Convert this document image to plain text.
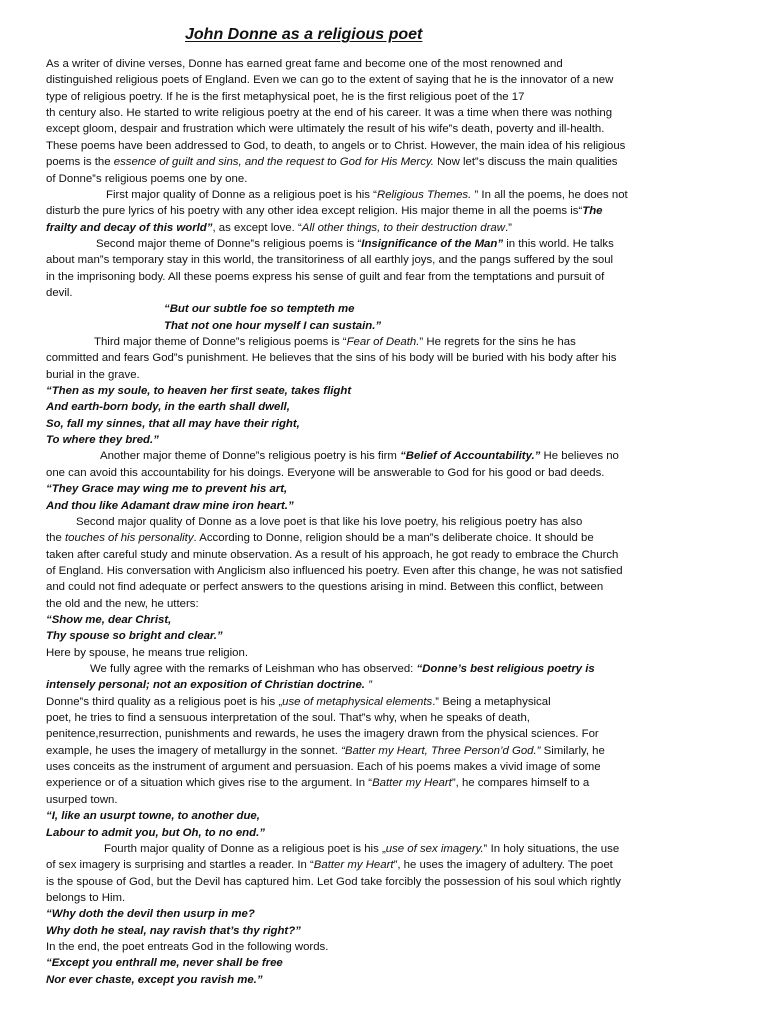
John Donne as a religious poet
As a writer of divine verses, Donne has earned great fame and become one of the most renowned and
distinguished religious poets of England. Even we can go to the extent of saying that he is the innovator of a new
type of religious poetry. If he is the first metaphysical poet, he is the first religious poet of the 17
th century also. He started to write religious poetry at the end of his career. It was a time when there was nothing
except gloom, despair and frustration which were ultimately the result of his wife‟s death, poverty and ill-health.
These poems have been addressed to God, to death, to angels or to Christ. However, the main idea of his religious
poems is the essence of guilt and sins, and the request to God for His Mercy. Now let‟s discuss the main qualities
of Donne‟s religious poems one by one.
First major quality of Donne as a religious poet is his “Religious Themes. ” In all the poems, he does not
disturb the pure lyrics of his poetry with any other idea except religion. His major theme in all the poems is“The
frailty and decay of this world”, as except love. “All other things, to their destruction draw.”
Second major theme of Donne‟s religious poems is “Insignificance of the Man” in this world. He talks
about man‟s temporary stay in this world, the transitoriness of all earthly joys, and the pangs suffered by the soul
in the imprisoning body. All these poems express his sense of guilt and fear from the temptations and pursuit of
devil.
“But our subtle foe so tempteth me
That not one hour myself I can sustain.”
Third major theme of Donne‟s religious poems is “Fear of Death.” He regrets for the sins he has
committed and fears God‟s punishment. He believes that the sins of his body will be buried with his body after his
burial in the grave.
“Then as my soule, to heaven her first seate, takes flight
And earth-born body, in the earth shall dwell,
So, fall my sinnes, that all may have their right,
To where they bred.”
Another major theme of Donne‟s religious poetry is his firm “Belief of Accountability.” He believes no
one can avoid this accountability for his doings. Everyone will be answerable to God for his good or bad deeds.
“They Grace may wing me to prevent his art,
And thou like Adamant draw mine iron heart.”
Second major quality of Donne as a love poet is that like his love poetry, his religious poetry has also
the touches of his personality. According to Donne, religion should be a man‟s deliberate choice. It should be
taken after careful study and minute observation. As a result of his approach, he got ready to embrace the Church
of England. His conversation with Anglicism also influenced his poetry. Even after this change, he was not satisfied
and could not find adequate or perfect answers to the questions arising in mind. Between this conflict, between
the old and the new, he utters:
“Show me, dear Christ,
Thy spouse so bright and clear.”
Here by spouse, he means true religion.
We fully agree with the remarks of Leishman who has observed: “Donne’s best religious poetry is
intensely personal; not an exposition of Christian doctrine. ”
Donne‟s third quality as a religious poet is his „use of metaphysical elements.‟ Being a metaphysical
poet, he tries to find a sensuous interpretation of the soul. That‟s why, when he speaks of death,
penitence,resurrection, punishments and rewards, he uses the imagery drawn from the physical sciences. For
example, he uses the imagery of metallurgy in the sonnet. “Batter my Heart, Three Person’d God.” Similarly, he
uses conceits as the instrument of argument and persuasion. Each of his poems makes a vivid image of some
experience or of a situation which gives rise to the argument. In “Batter my Heart”, he compares himself to a
usurped town.
“I, like an usurpt towne, to another due,
Labour to admit you, but Oh, to no end.”
Fourth major quality of Donne as a religious poet is his „use of sex imagery.‟ In holy situations, the use
of sex imagery is surprising and startles a reader. In “Batter my Heart”, he uses the imagery of adultery. The poet
is the spouse of God, but the Devil has captured him. Let God take forcibly the possession of his soul which rightly
belongs to Him.
“Why doth the devil then usurp in me?
Why doth he steal, nay ravish that’s thy right?”
In the end, the poet entreats God in the following words.
“Except you enthrall me, never shall be free
Nor ever chaste, except you ravish me.”
